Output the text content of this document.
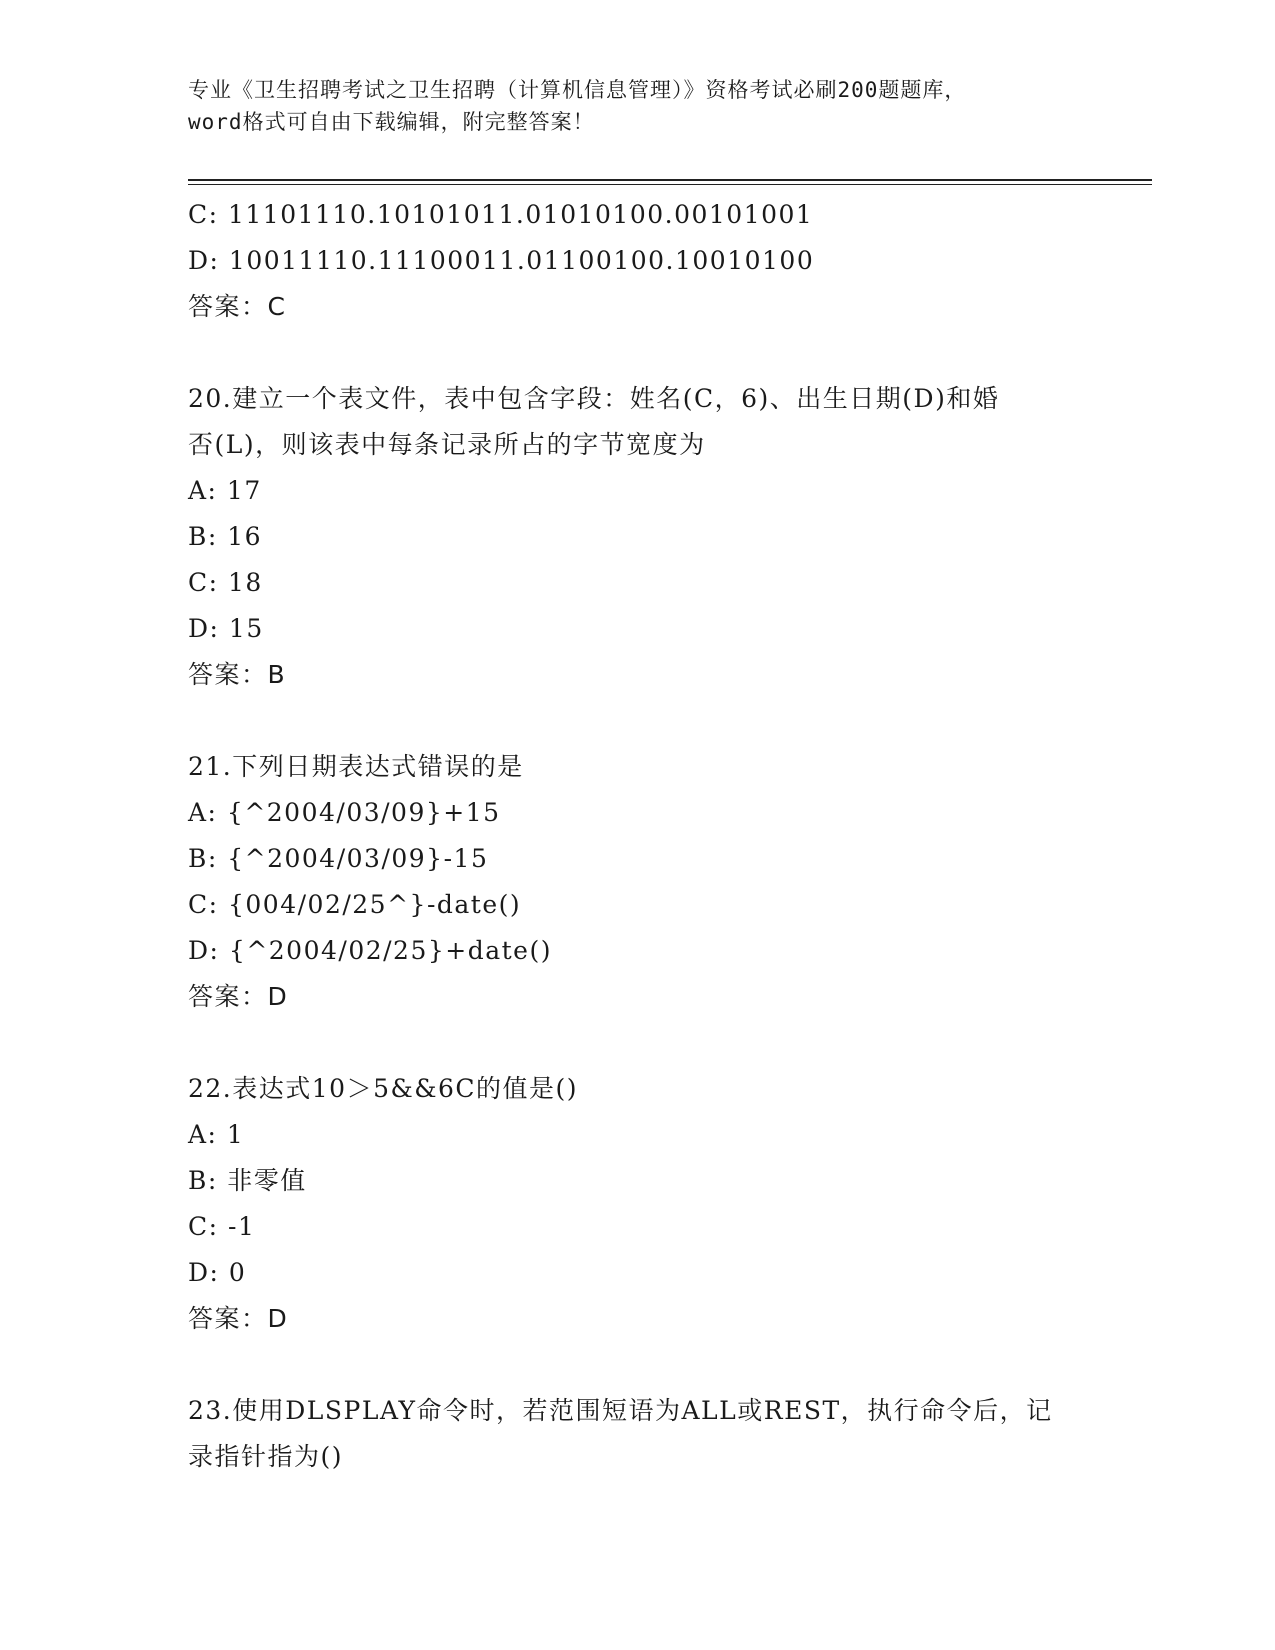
专业《卫生招聘考试之卫生招聘（计算机信息管理）》资格考试必刷200题题库，
word格式可自由下载编辑，附完整答案！
C: 11101110.10101011.01010100.00101001
D: 10011110.11100011.01100100.10010100
答案：C
20.建立一个表文件，表中包含字段：姓名(C，6)、出生日期(D)和婚
否(L)，则该表中每条记录所占的字节宽度为
A: 17
B: 16
C: 18
D: 15
答案：B
21.下列日期表达式错误的是
A: {^2004/03/09}+15
B: {^2004/03/09}-15
C: {004/02/25^}-date()
D: {^2004/02/25}+date()
答案：D
22.表达式10＞5&&6C的值是()
A: 1
B: 非零值
C: -1
D: 0
答案：D
23.使用DLSPLAY命令时，若范围短语为ALL或REST，执行命令后，记
录指针指为()
